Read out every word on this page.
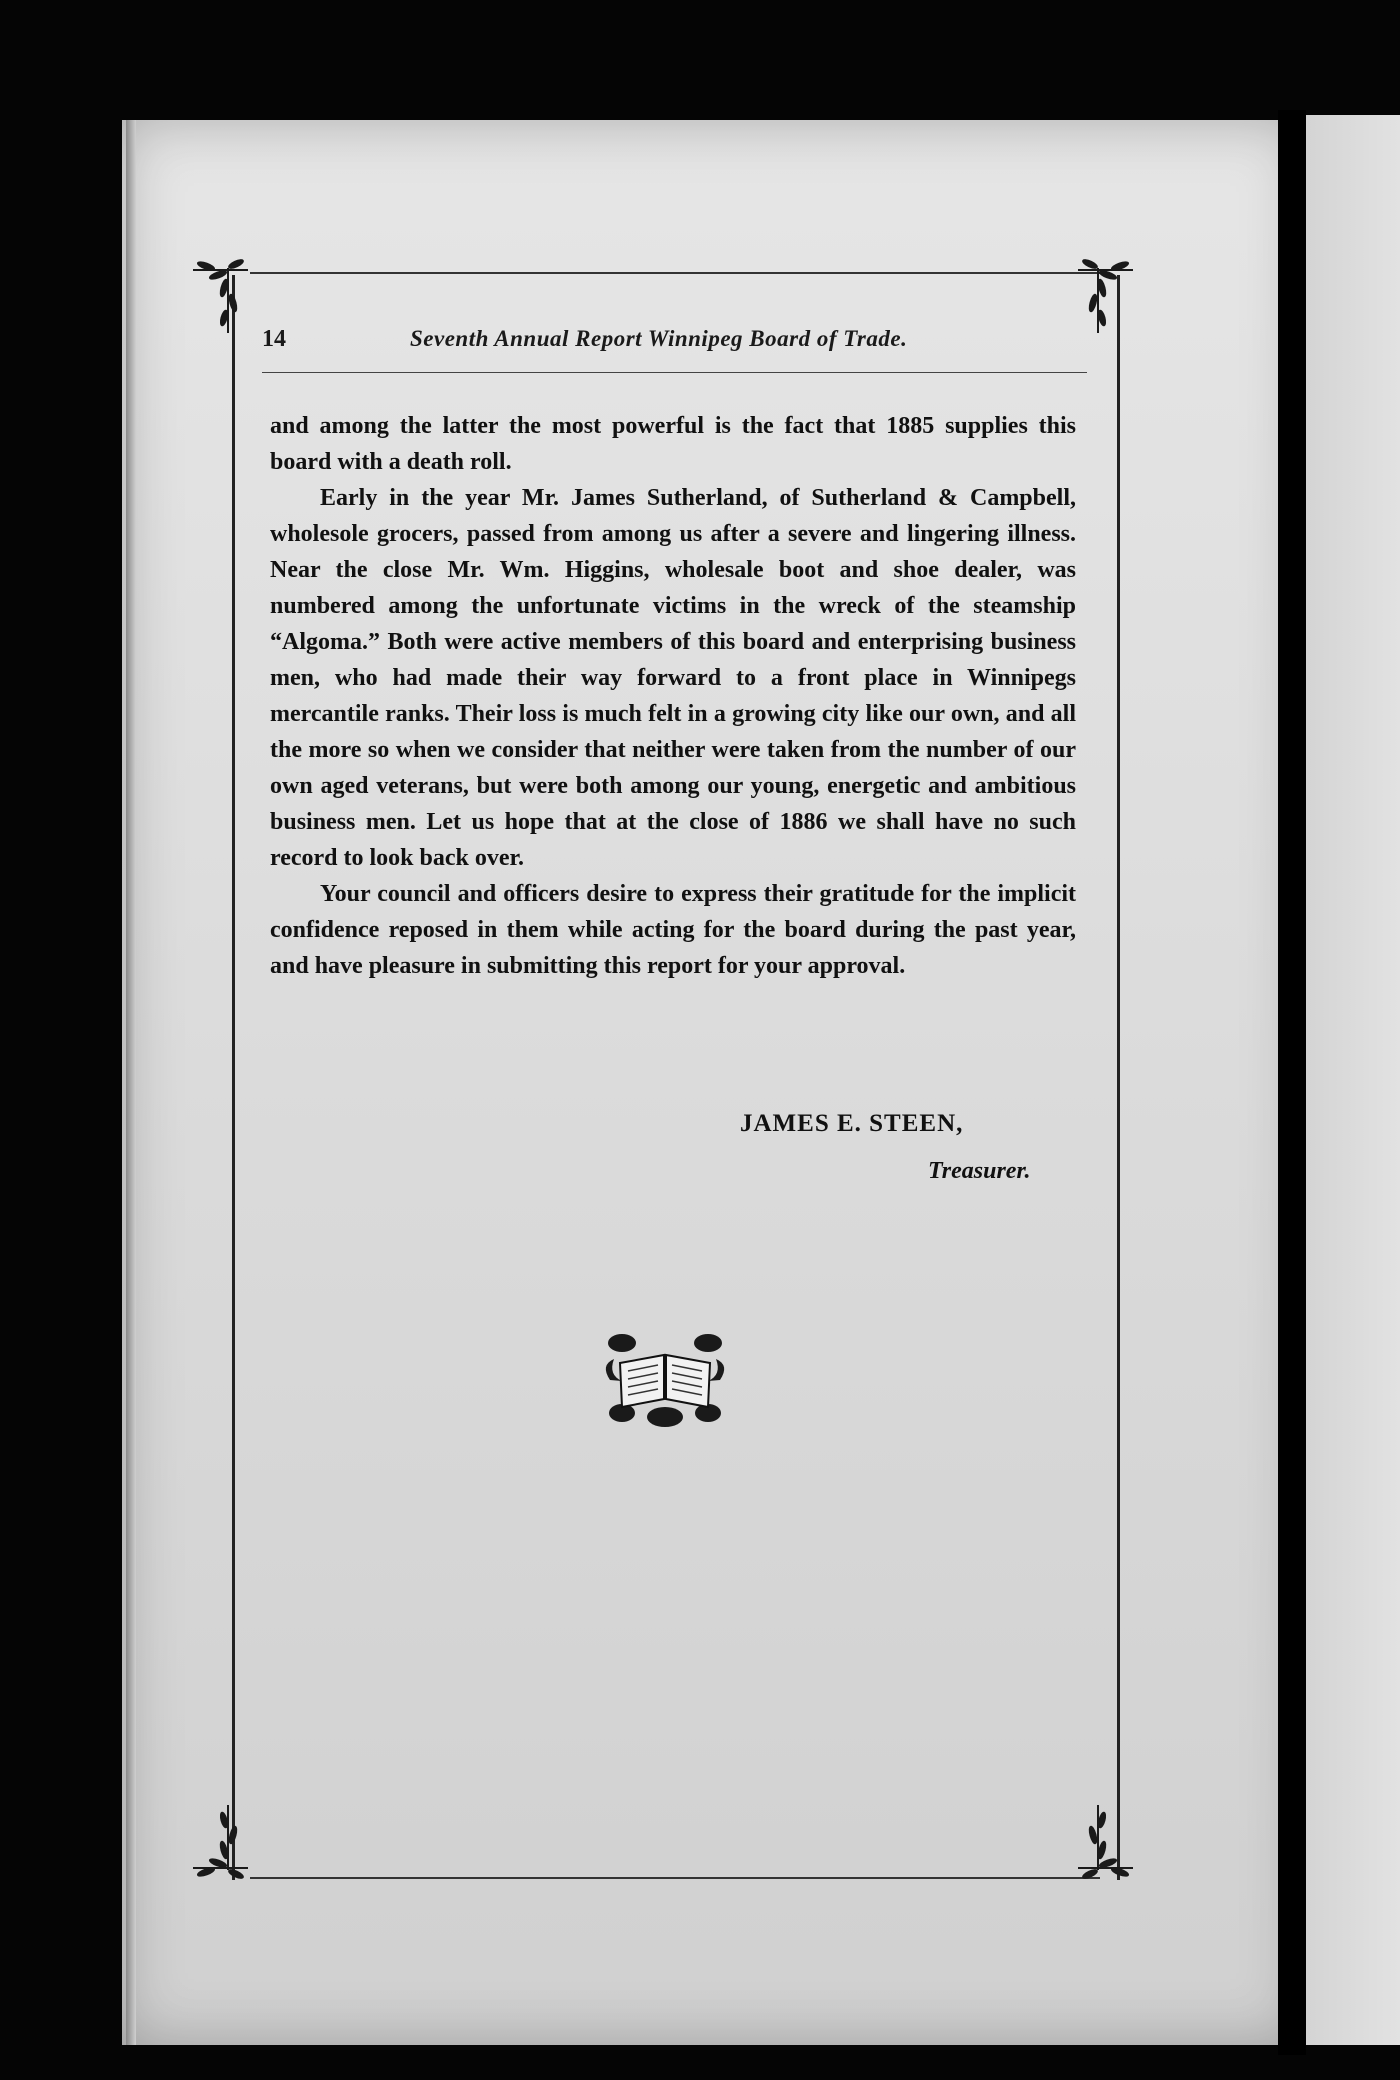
14	Seventh Annual Report Winnipeg Board of Trade.

and among the latter the most powerful is the fact that 1885 supplies this board with a death roll.

Early in the year Mr. James Sutherland, of Sutherland & Campbell, wholesole grocers, passed from among us after a severe and lingering illness. Near the close Mr. Wm. Higgins, wholesale boot and shoe dealer, was numbered among the unfortunate victims in the wreck of the steamship “Algoma.” Both were active members of this board and enterprising business men, who had made their way forward to a front place in Winnipegs mercantile ranks. Their loss is much felt in a growing city like our own, and all the more so when we consider that neither were taken from the number of our own aged veterans, but were both among our young, energetic and ambitious business men. Let us hope that at the close of 1886 we shall have no such record to look back over.

Your council and officers desire to express their gratitude for the implicit confidence reposed in them while acting for the board during the past year, and have pleasure in submitting this report for your approval.

JAMES E. STEEN,
Treasurer.
